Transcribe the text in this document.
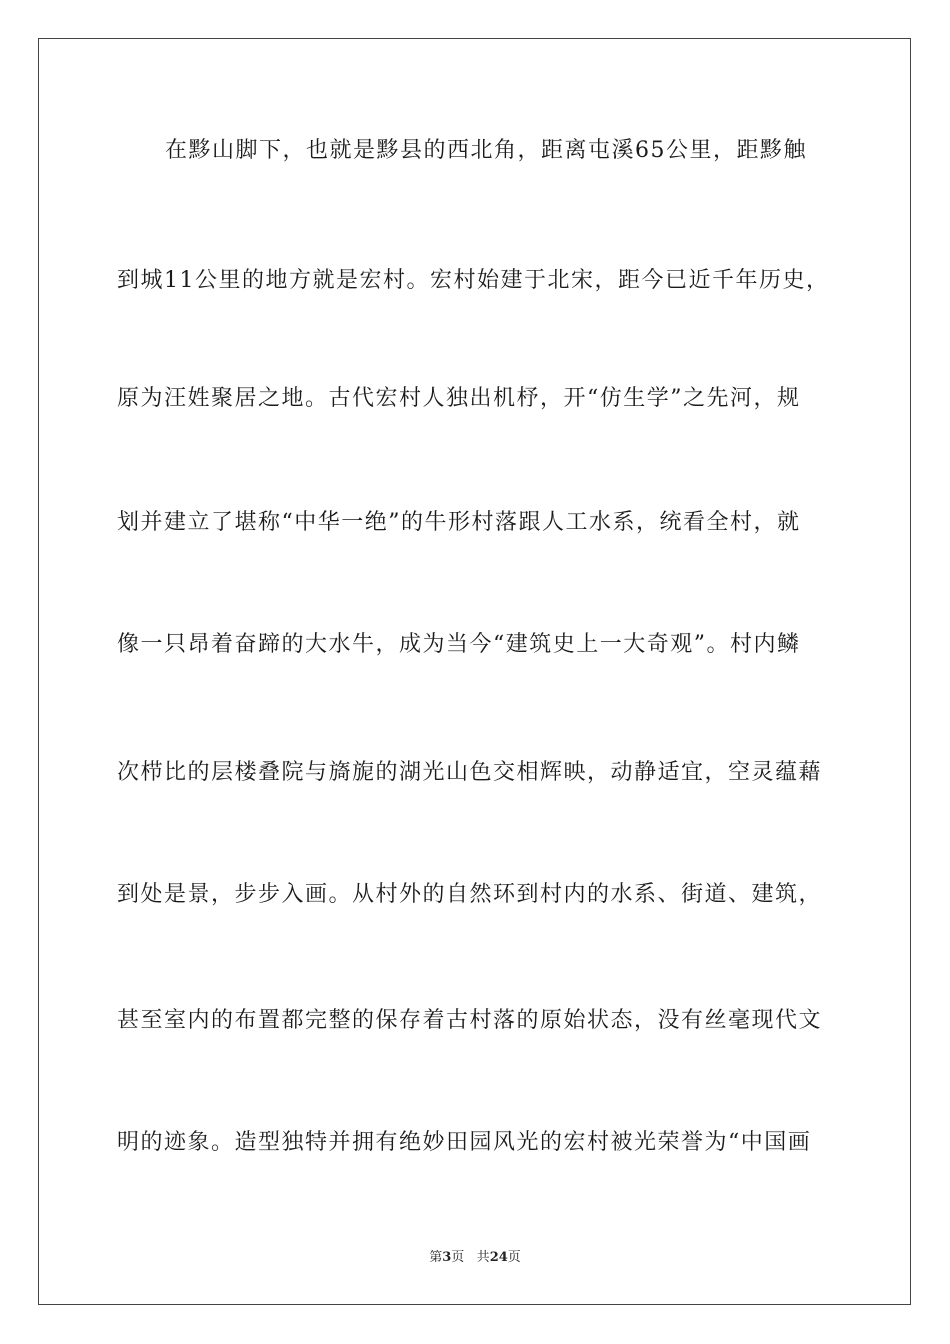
在黟山脚下，也就是黟县的西北角，距离屯溪65公里，距黟触
到城11公里的地方就是宏村。宏村始建于北宋，距今已近千年历史，
原为汪姓聚居之地。古代宏村人独出机杼，开“仿生学”之先河，规
划并建立了堪称“中华一绝”的牛形村落跟人工水系，统看全村，就
像一只昂着奋蹄的大水牛，成为当今“建筑史上一大奇观”。村内鳞
次栉比的层楼叠院与旖旎的湖光山色交相辉映，动静适宜，空灵蕴藉
到处是景，步步入画。从村外的自然环到村内的水系、街道、建筑，
甚至室内的布置都完整的保存着古村落的原始状态，没有丝毫现代文
明的迹象。造型独特并拥有绝妙田园风光的宏村被光荣誉为“中国画
第3页 共24页
